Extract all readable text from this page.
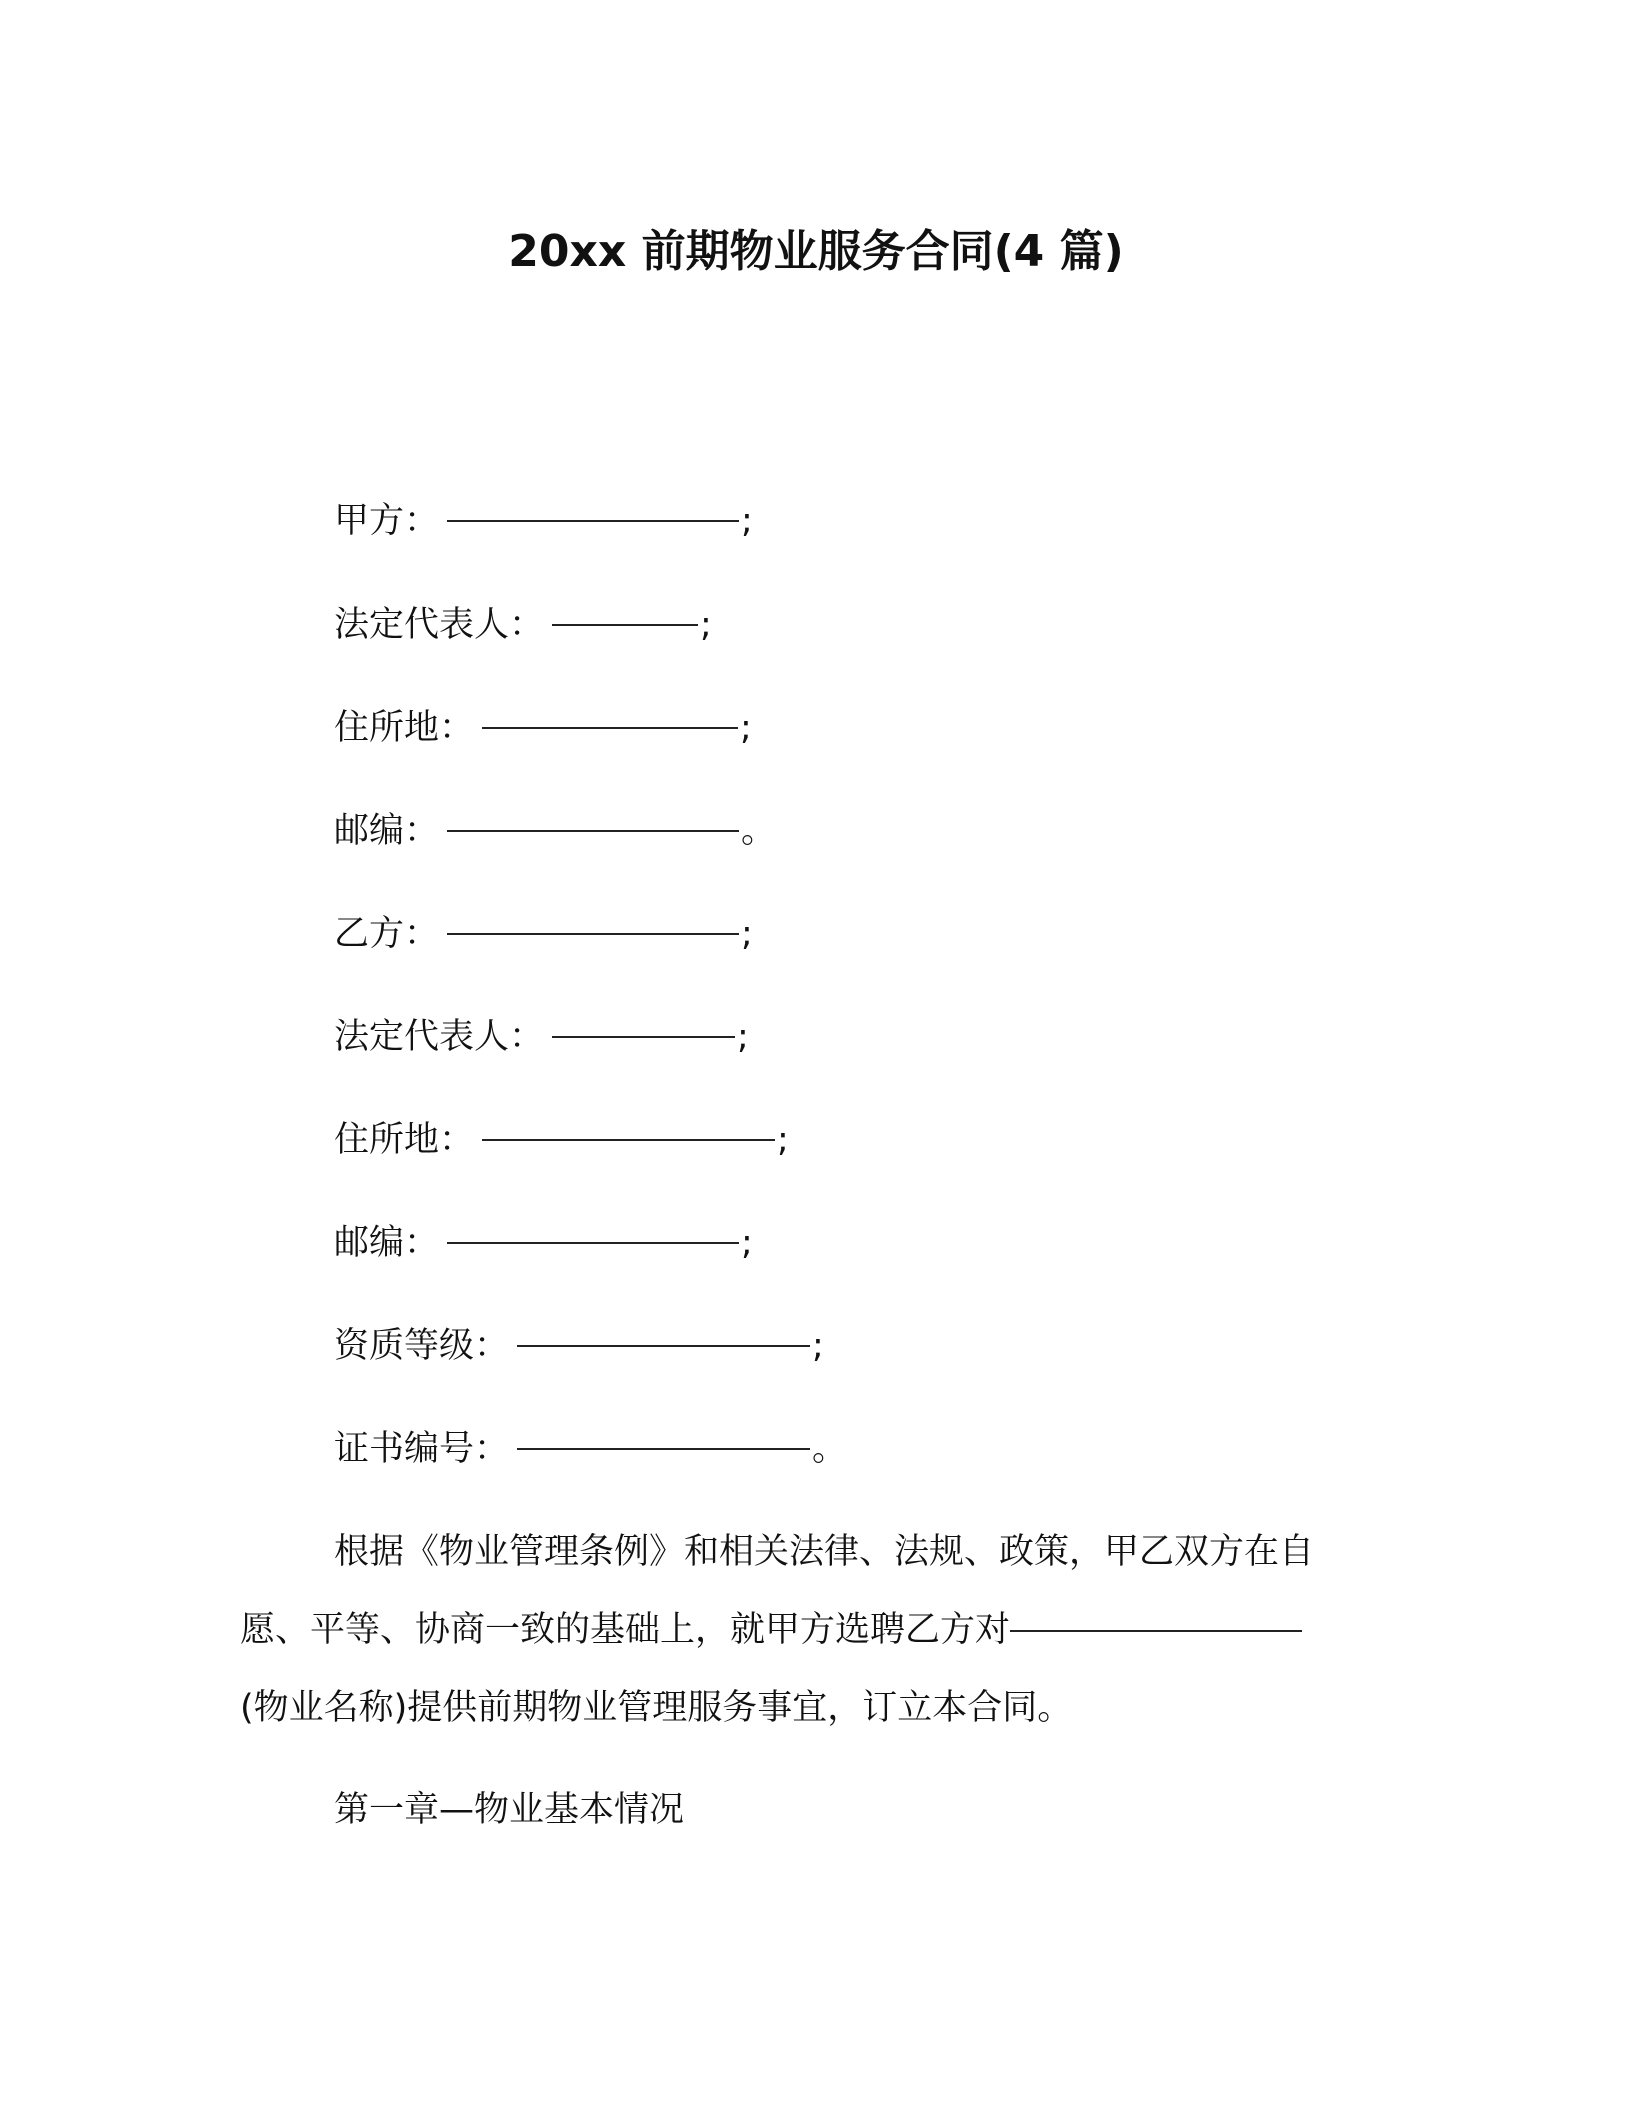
20xx 前期物业服务合同(4 篇)
甲方：	;
法定代表人：	;
住所地：	;
邮编：	。
乙方：	;
法定代表人：	;
住所地：	;
邮编：	;
资质等级：	;
证书编号：	。
根据《物业管理条例》和相关法律、法规、政策，甲乙双方在自
愿、平等、协商一致的基础上，就甲方选聘乙方对
(物业名称)提供前期物业管理服务事宜，订立本合同。
第一章—物业基本情况
